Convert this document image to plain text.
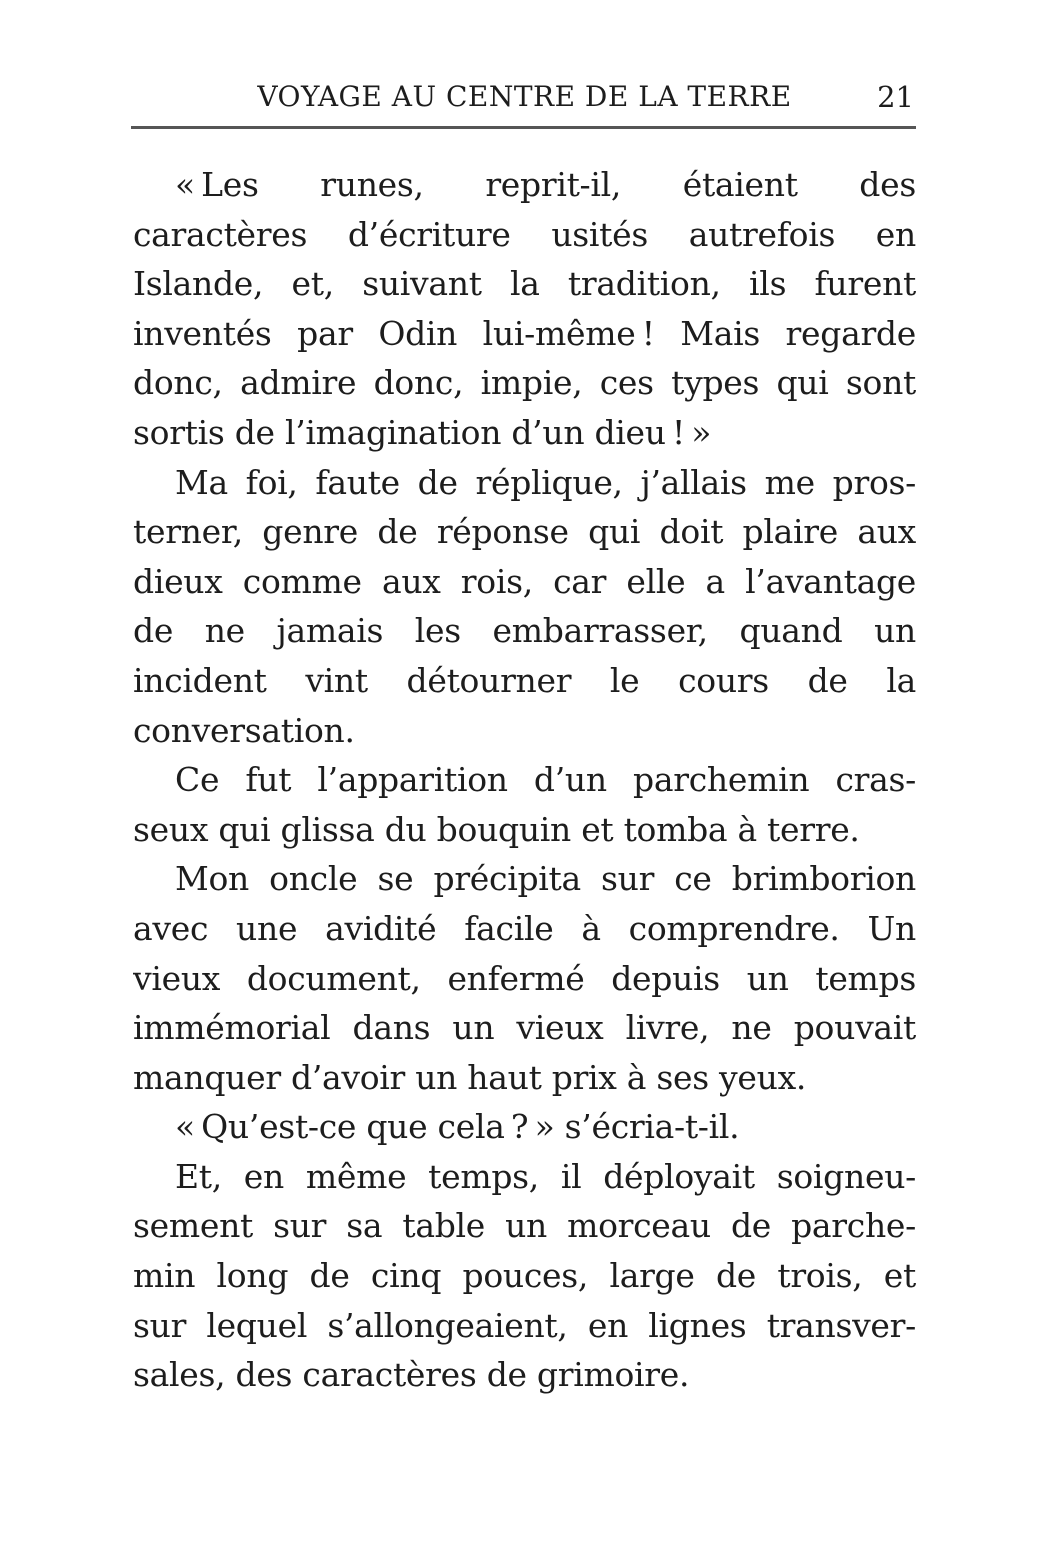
VOYAGE AU CENTRE DE LA TERRE	21
« Les runes, reprit-il, étaient des
caractères d’écriture usités autrefois en
Islande, et, suivant la tradition, ils furent
inventés par Odin lui-même ! Mais regarde
donc, admire donc, impie, ces types qui sont
sortis de l’imagination d’un dieu ! »
Ma foi, faute de réplique, j’allais me pros-
terner, genre de réponse qui doit plaire aux
dieux comme aux rois, car elle a l’avantage
de ne jamais les embarrasser, quand un
incident vint détourner le cours de la
conversation.
Ce fut l’apparition d’un parchemin cras-
seux qui glissa du bouquin et tomba à terre.
Mon oncle se précipita sur ce brimborion
avec une avidité facile à comprendre. Un
vieux document, enfermé depuis un temps
immémorial dans un vieux livre, ne pouvait
manquer d’avoir un haut prix à ses yeux.
« Qu’est-ce que cela ? » s’écria-t-il.
Et, en même temps, il déployait soigneu-
sement sur sa table un morceau de parche-
min long de cinq pouces, large de trois, et
sur lequel s’allongeaient, en lignes transver-
sales, des caractères de grimoire.
